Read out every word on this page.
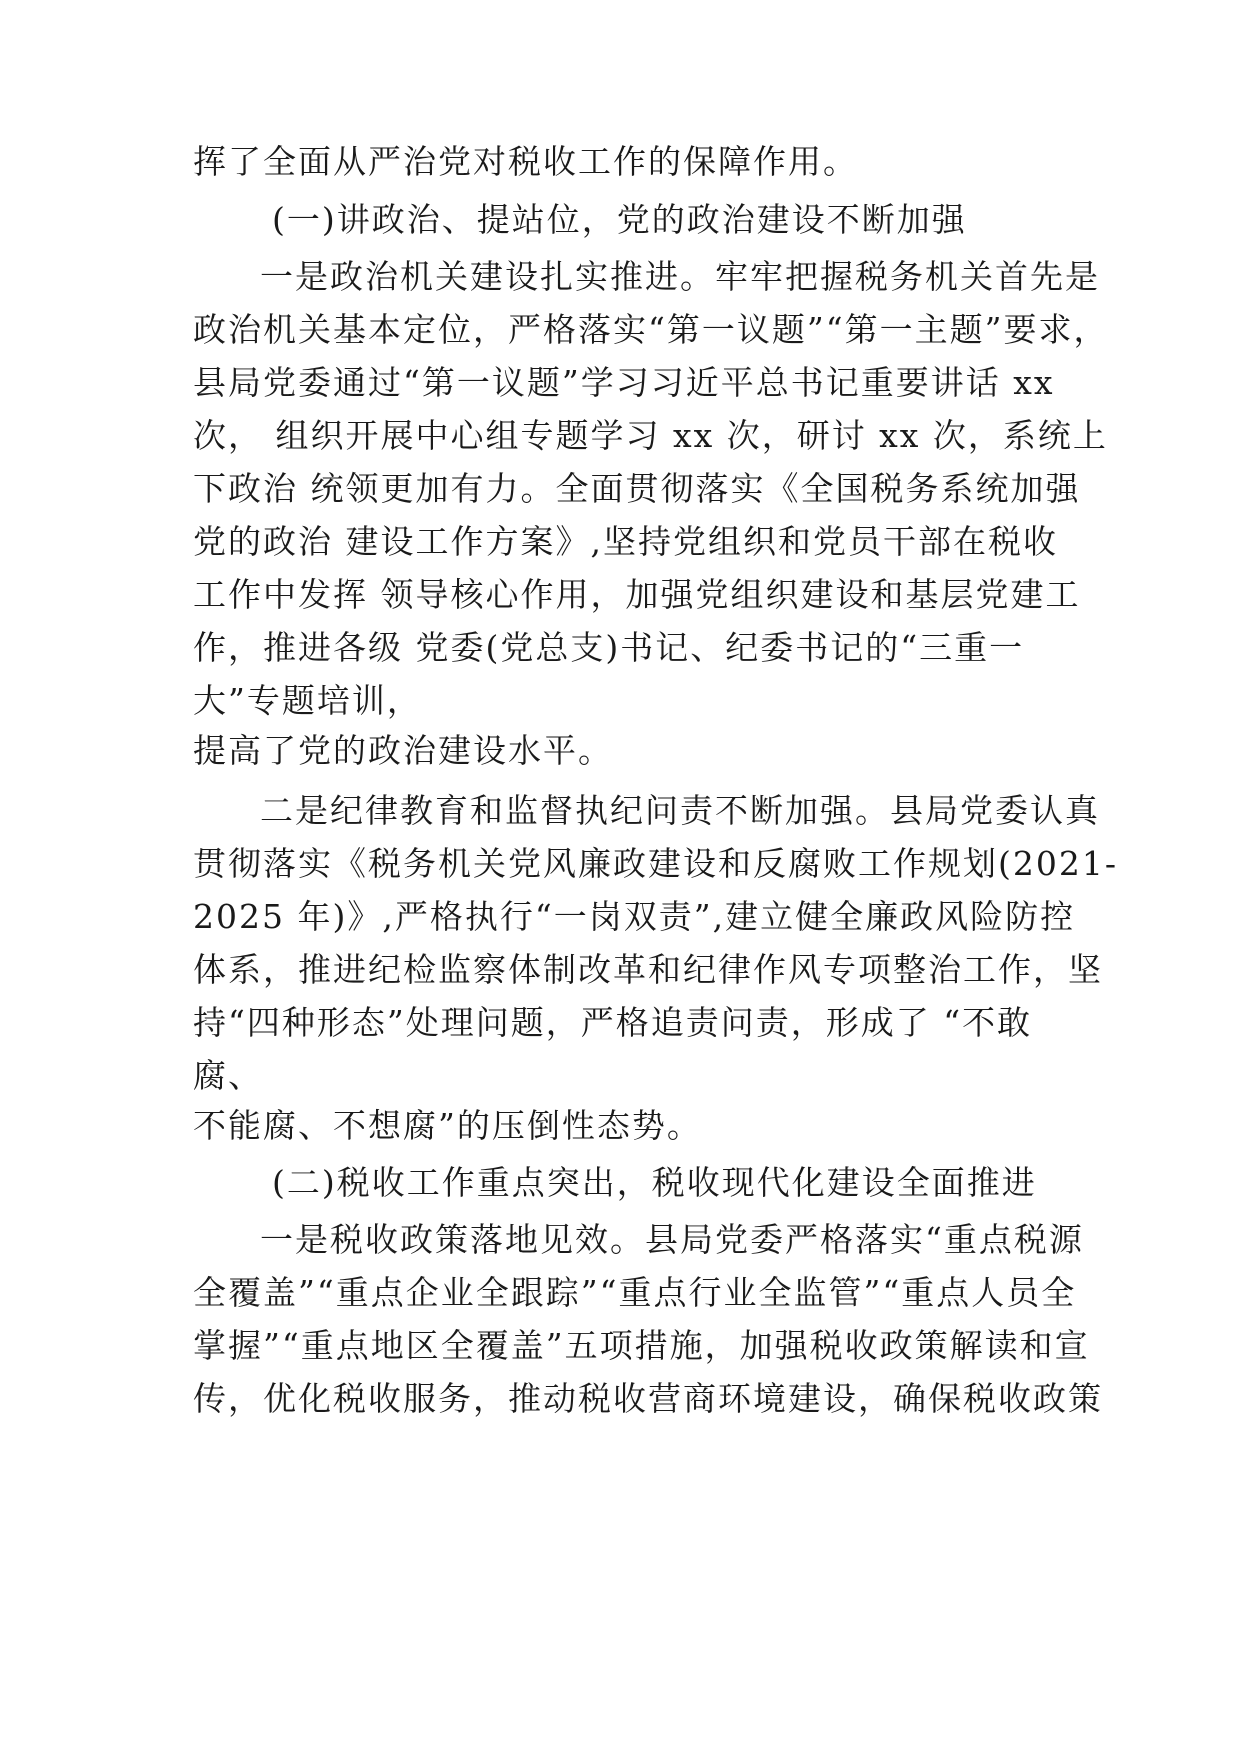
挥了全面从严治党对税收工作的保障作用。

(一)讲政治、提站位，党的政治建设不断加强

一是政治机关建设扎实推进。牢牢把握税务机关首先是

政治机关基本定位，严格落实“第一议题”“第一主题”要求，

县局党委通过“第一议题”学习习近平总书记重要讲话 xx

次， 组织开展中心组专题学习 xx 次，研讨 xx 次，系统上

下政治 统领更加有力。全面贯彻落实《全国税务系统加强

党的政治 建设工作方案》,坚持党组织和党员干部在税收

工作中发挥 领导核心作用，加强党组织建设和基层党建工

作，推进各级 党委(党总支)书记、纪委书记的“三重一

大”专题培训，

提高了党的政治建设水平。

二是纪律教育和监督执纪问责不断加强。县局党委认真

贯彻落实《税务机关党风廉政建设和反腐败工作规划(2021-

2025 年)》,严格执行“一岗双责”,建立健全廉政风险防控

体系，推进纪检监察体制改革和纪律作风专项整治工作，坚

持“四种形态”处理问题，严格追责问责，形成了 “不敢

腐、

不能腐、不想腐”的压倒性态势。

(二)税收工作重点突出，税收现代化建设全面推进

一是税收政策落地见效。县局党委严格落实“重点税源

全覆盖”“重点企业全跟踪”“重点行业全监管”“重点人员全

掌握”“重点地区全覆盖”五项措施，加强税收政策解读和宣

传，优化税收服务，推动税收营商环境建设，确保税收政策
